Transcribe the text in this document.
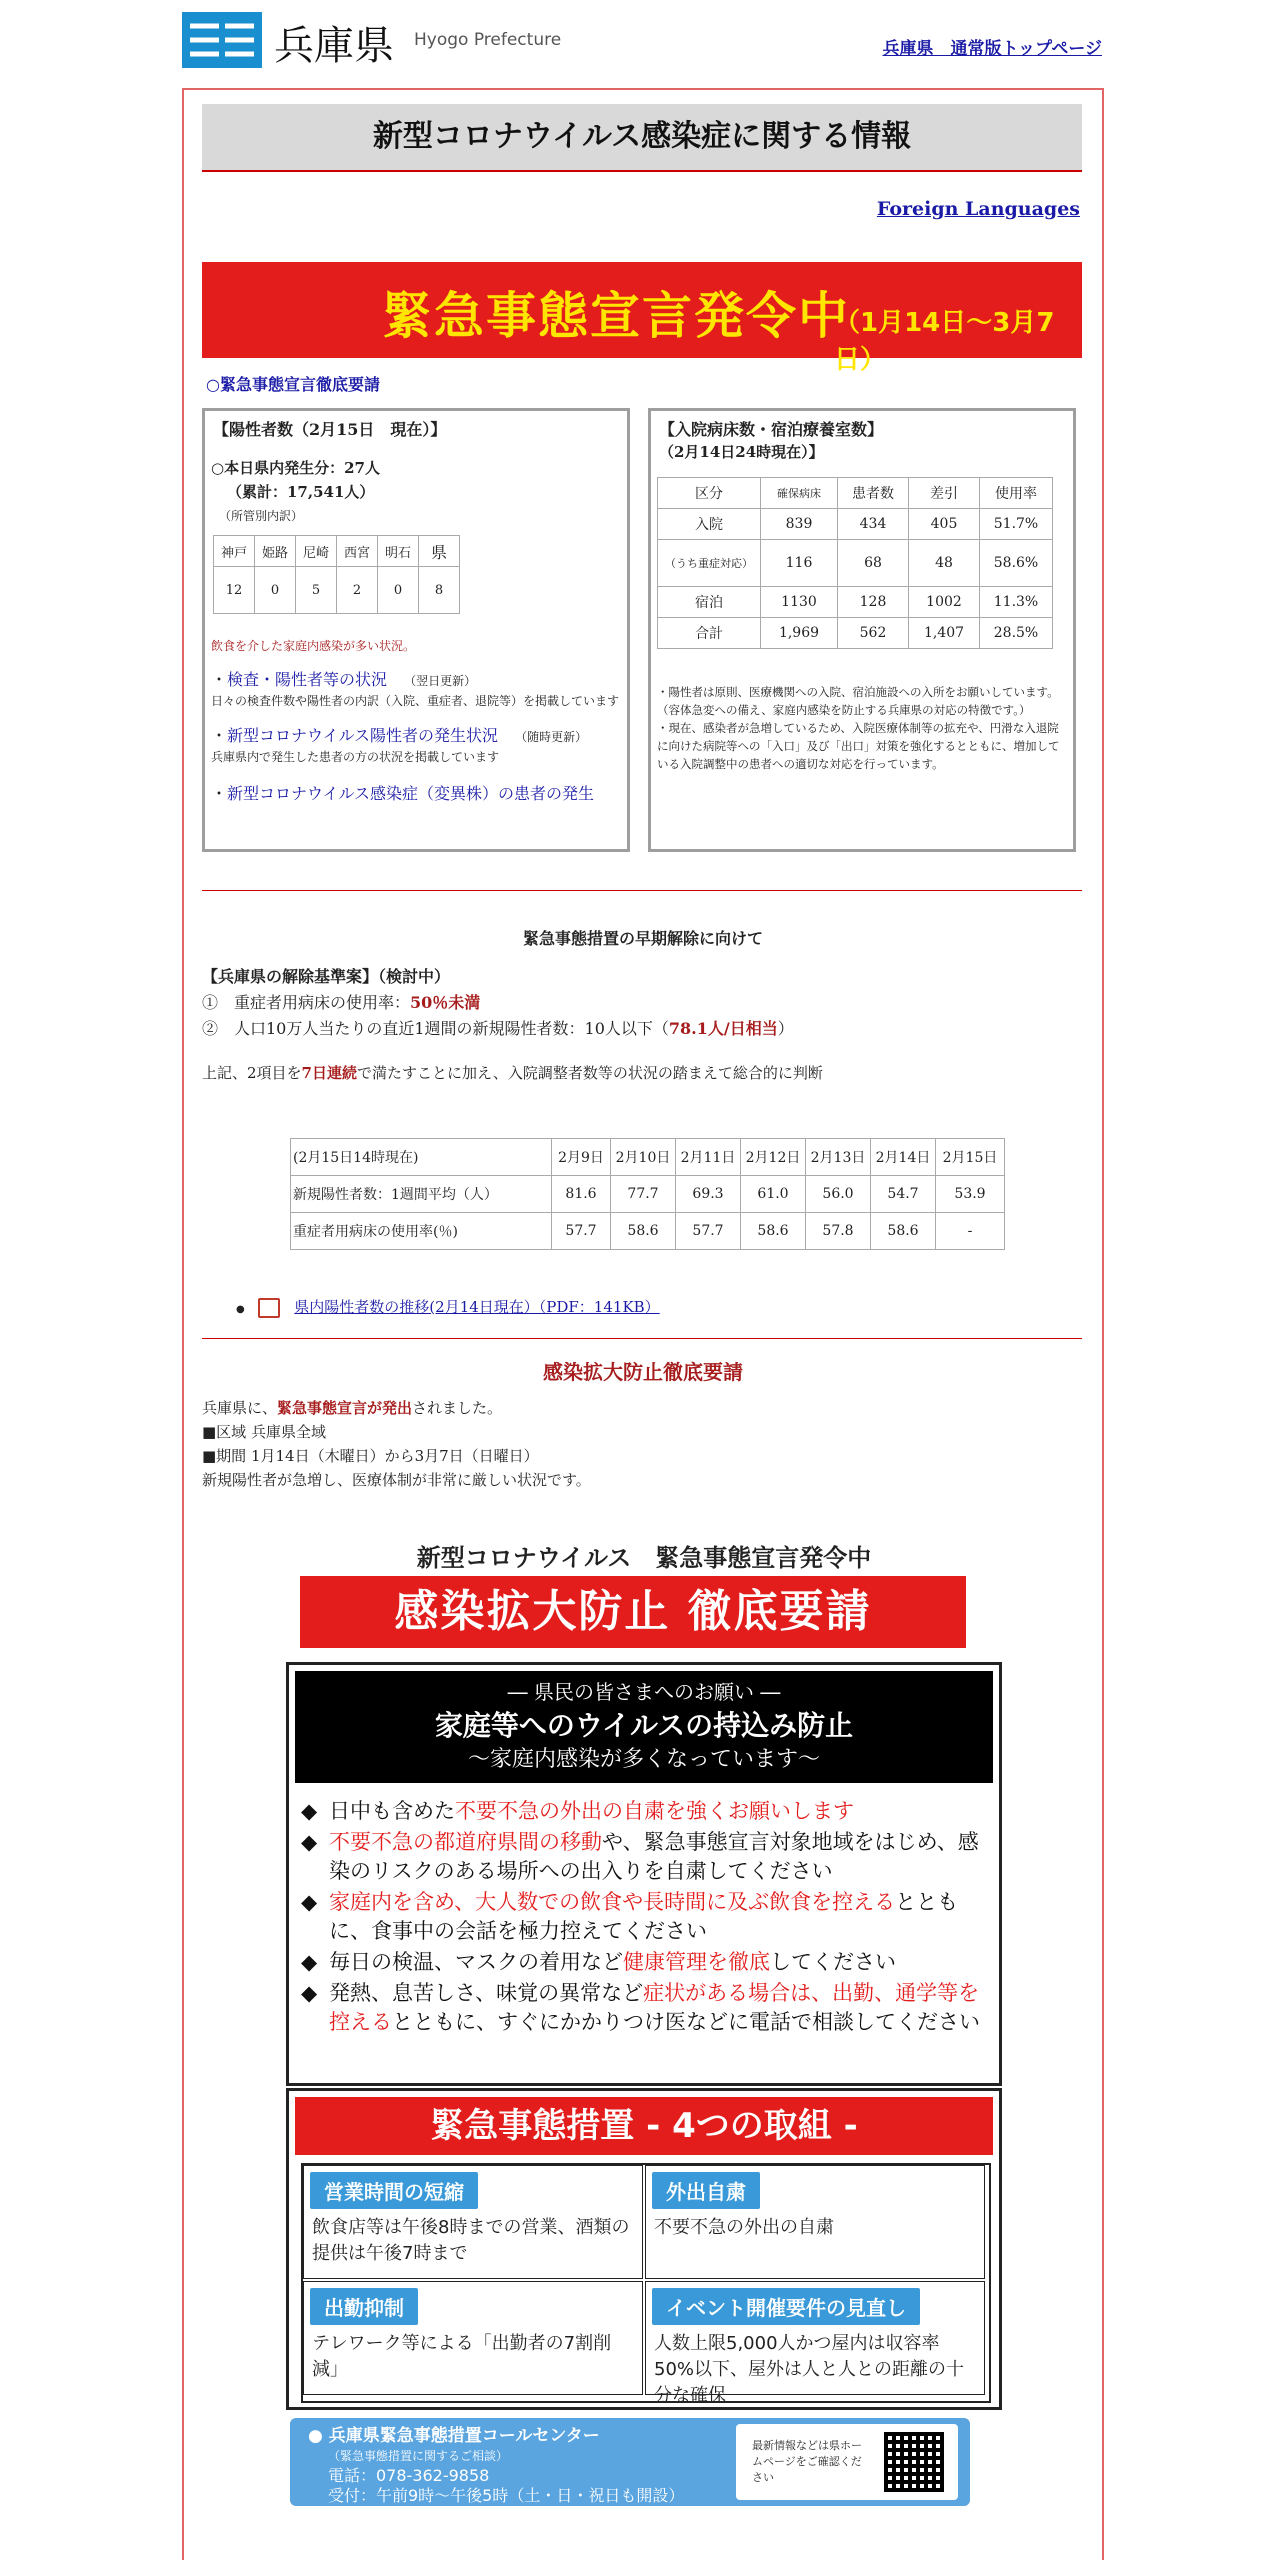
兵庫県 Hyogo Prefecture	兵庫県　通常版トップページ
新型コロナウイルス感染症に関する情報
Foreign Languages
緊急事態宣言発令中
（1月14日～3月7日）
○緊急事態宣言徹底要請
【陽性者数（2月15日　現在）】
○本日県内発生分：27人
（累計：17,541人）
（所管別内訳）
神戸	姫路	尼崎	西宮	明石	県
12	0	5	2	0	8
飲食を介した家庭内感染が多い状況。
・検査・陽性者等の状況 （翌日更新）
日々の検査件数や陽性者の内訳（入院、重症者、退院等）を掲載しています
・新型コロナウイルス陽性者の発生状況 （随時更新）
兵庫県内で発生した患者の方の状況を掲載しています
・新型コロナウイルス感染症（変異株）の患者の発生
【入院病床数・宿泊療養室数】
（2月14日24時現在）】
区分	確保病床	患者数	差引	使用率
入院	839	434	405	51.7%
（うち重症対応）	116	68	48	58.6%
宿泊	1130	128	1002	11.3%
合計	1,969	562	1,407	28.5%
・陽性者は原則、医療機関への入院、宿泊施設への入所をお願いしています。
（容体急変への備え、家庭内感染を防止する兵庫県の対応の特徴です。）
・現在、感染者が急増しているため、入院医療体制等の拡充や、円滑な入退院に向けた病院等への「入口」及び「出口」対策を強化するとともに、増加している入院調整中の患者への適切な対応を行っています。
緊急事態措置の早期解除に向けて
【兵庫県の解除基準案】（検討中）
①　重症者用病床の使用率：50％未満
②　人口10万人当たりの直近1週間の新規陽性者数：10人以下（78.1人/日相当）
上記、2項目を7日連続で満たすことに加え、入院調整者数等の状況の踏まえて総合的に判断
(2月15日14時現在)	2月9日	2月10日	2月11日	2月12日	2月13日	2月14日	2月15日
新規陽性者数：1週間平均（人）	81.6	77.7	69.3	61.0	56.0	54.7	53.9
重症者用病床の使用率(％)	57.7	58.6	57.7	58.6	57.8	58.6	-
●	県内陽性者数の推移(2月14日現在）（PDF：141KB）
感染拡大防止徹底要請
兵庫県に、緊急事態宣言が発出されました。
■区域 兵庫県全域
■期間 1月14日（木曜日）から3月7日（日曜日）
新規陽性者が急増し、医療体制が非常に厳しい状況です。
新型コロナウイルス　緊急事態宣言発令中
感染拡大防止 徹底要請
― 県民の皆さまへのお願い ―
家庭等へのウイルスの持込み防止
～家庭内感染が多くなっています～
◆ 日中も含めた不要不急の外出の自粛を強くお願いします
◆ 不要不急の都道府県間の移動や、緊急事態宣言対象地域をはじめ、感染のリスクのある場所への出入りを自粛してください
◆ 家庭内を含め、大人数での飲食や長時間に及ぶ飲食を控えるとともに、食事中の会話を極力控えてください
◆ 毎日の検温、マスクの着用など健康管理を徹底してください
◆ 発熱、息苦しさ、味覚の異常など症状がある場合は、出勤、通学等を控えるとともに、すぐにかかりつけ医などに電話で相談してください
緊急事態措置 - 4つの取組 -
営業時間の短縮
飲食店等は午後8時までの営業、酒類の提供は午後7時まで
外出自粛
不要不急の外出の自粛
出勤抑制
テレワーク等による「出勤者の7割削減」
イベント開催要件の見直し
人数上限5,000人かつ屋内は収容率50%以下、屋外は人と人との距離の十分な確保
● 兵庫県緊急事態措置コールセンター
（緊急事態措置に関するご相談）
電話：078-362-9858
受付：午前9時～午後5時（土・日・祝日も開設）
最新情報などは県ホームページをご確認ください
